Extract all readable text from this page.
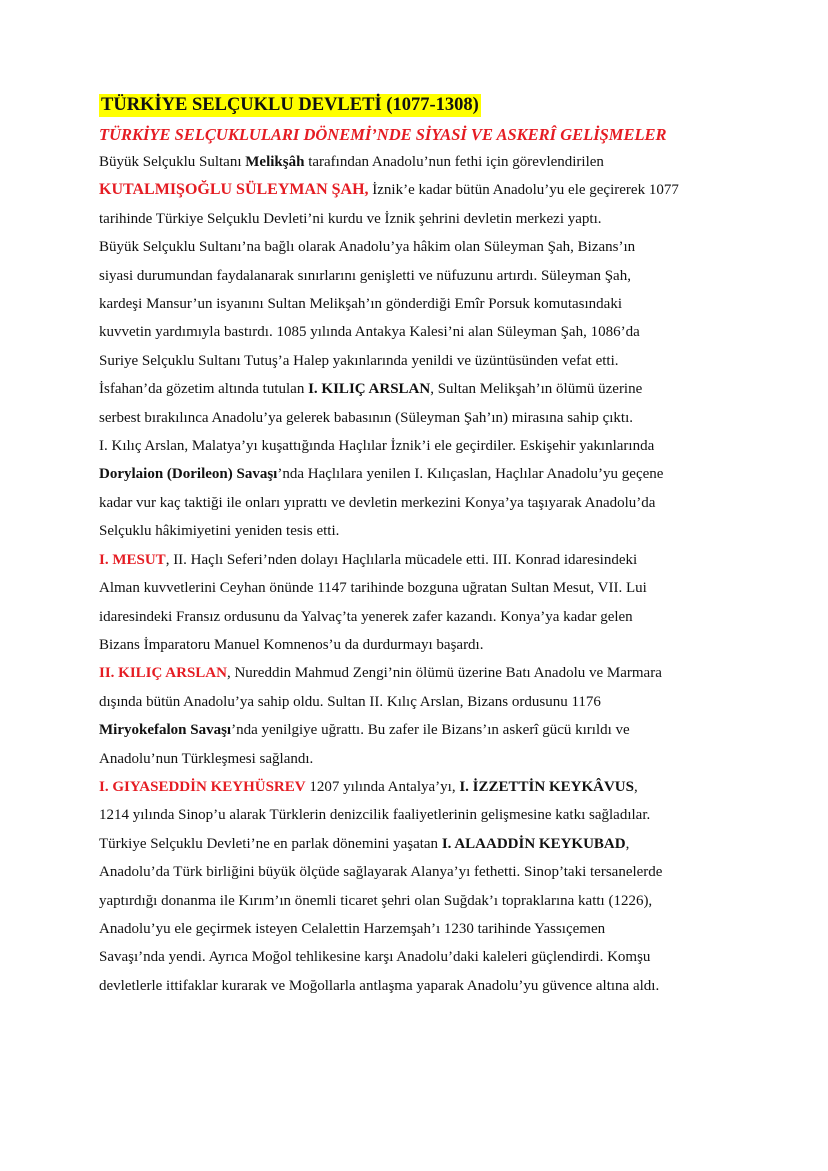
TÜRKİYE SELÇUKLU DEVLETİ (1077-1308)
TÜRKİYE SELÇUKLULARI DÖNEMİ’NDE SİYASİ VE ASKERÎ GELİŞMELER
Büyük Selçuklu Sultanı Melikşâh tarafından Anadolu’nun fethi için görevlendirilen
KUTALMIŞOĞLU SÜLEYMAN ŞAH, İznik’e kadar bütün Anadolu’yu ele geçirerek 1077
tarihinde Türkiye Selçuklu Devleti’ni kurdu ve İznik şehrini devletin merkezi yaptı.
Büyük Selçuklu Sultanı’na bağlı olarak Anadolu’ya hâkim olan Süleyman Şah, Bizans’ın
siyasi durumundan faydalanarak sınırlarını genişletti ve nüfuzunu artırdı. Süleyman Şah,
kardeşi Mansur’un isyanını Sultan Melikşah’ın gönderdiği Emîr Porsuk komutasındaki
kuvvetin yardımıyla bastırdı. 1085 yılında Antakya Kalesi’ni alan Süleyman Şah, 1086’da
Suriye Selçuklu Sultanı Tutuş’a Halep yakınlarında yenildi ve üzüntüsünden vefat etti.
İsfahan’da gözetim altında tutulan I. KILIÇ ARSLAN, Sultan Melikşah’ın ölümü üzerine
serbest bırakılınca Anadolu’ya gelerek babasının (Süleyman Şah’ın) mirasına sahip çıktı.
I. Kılıç Arslan, Malatya’yı kuşattığında Haçlılar İznik’i ele geçirdiler. Eskişehir yakınlarında
Dorylaion (Dorileon) Savaşı’nda Haçlılara yenilen I. Kılıçaslan, Haçlılar Anadolu’yu geçene
kadar vur kaç taktiği ile onları yıprattı ve devletin merkezini Konya’ya taşıyarak Anadolu’da
Selçuklu hâkimiyetini yeniden tesis etti.
I. MESUT, II. Haçlı Seferi’nden dolayı Haçlılarla mücadele etti. III. Konrad idaresindeki
Alman kuvvetlerini Ceyhan önünde 1147 tarihinde bozguna uğratan Sultan Mesut, VII. Lui
idaresindeki Fransız ordusunu da Yalvaç’ta yenerek zafer kazandı. Konya’ya kadar gelen
Bizans İmparatoru Manuel Komnenos’u da durdurmayı başardı.
II. KILIÇ ARSLAN, Nureddin Mahmud Zengi’nin ölümü üzerine Batı Anadolu ve Marmara
dışında bütün Anadolu’ya sahip oldu. Sultan II. Kılıç Arslan, Bizans ordusunu 1176
Miryokefalon Savaşı’nda yenilgiye uğrattı. Bu zafer ile Bizans’ın askerî gücü kırıldı ve
Anadolu’nun Türkleşmesi sağlandı.
I. GIYASEDDİN KEYHÜSREV 1207 yılında Antalya’yı, I. İZZETTİN KEYKÂVUS,
1214 yılında Sinop’u alarak Türklerin denizcilik faaliyetlerinin gelişmesine katkı sağladılar.
Türkiye Selçuklu Devleti’ne en parlak dönemini yaşatan I. ALAADDİN KEYKUBAD,
Anadolu’da Türk birliğini büyük ölçüde sağlayarak Alanya’yı fethetti. Sinop’taki tersanelerde
yaptırdığı donanma ile Kırım’ın önemli ticaret şehri olan Suğdak’ı topraklarına kattı (1226),
Anadolu’yu ele geçirmek isteyen Celalettin Harzemşah’ı 1230 tarihinde Yassıçemen
Savaşı’nda yendi. Ayrıca Moğol tehlikesine karşı Anadolu’daki kaleleri güçlendirdi. Komşu
devletlerle ittifaklar kurarak ve Moğollarla antlaşma yaparak Anadolu’yu güvence altına aldı.
